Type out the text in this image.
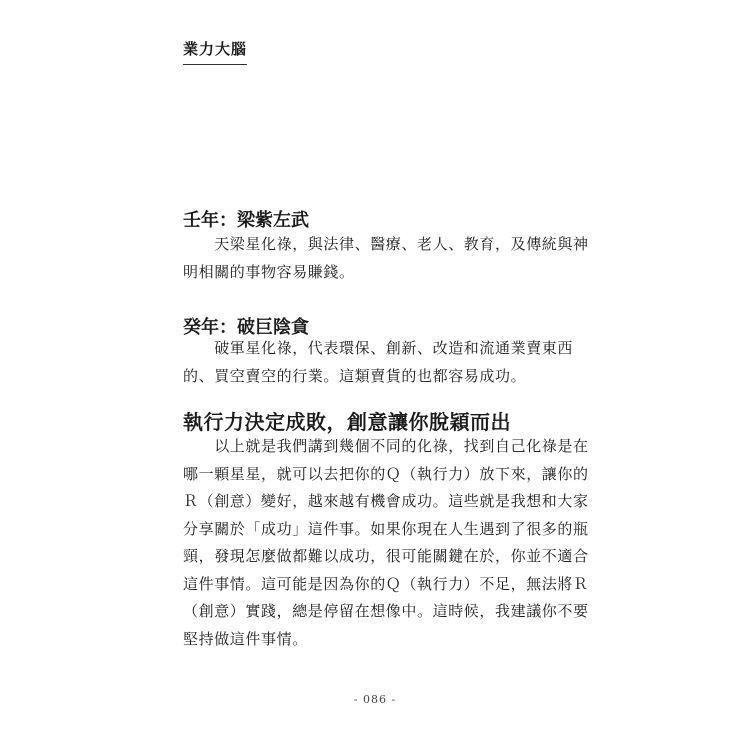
業力大腦
壬年：梁紫左武

　　天梁星化祿，與法律、醫療、老人、教育，及傳統與神
明相關的事物容易賺錢。

癸年：破巨陰貪

　　破軍星化祿，代表環保、創新、改造和流通業賣東西
的、買空賣空的行業。這類賣貨的也都容易成功。

執行力決定成敗，創意讓你脫穎而出

　　以上就是我們講到幾個不同的化祿，找到自己化祿是在
哪一顆星星，就可以去把你的Ｑ（執行力）放下來，讓你的
Ｒ（創意）變好，越來越有機會成功。這些就是我想和大家
分享關於「成功」這件事。如果你現在人生遇到了很多的瓶
頸，發現怎麼做都難以成功，很可能關鍵在於，你並不適合
這件事情。這可能是因為你的Ｑ（執行力）不足，無法將Ｒ
（創意）實踐，總是停留在想像中。這時候，我建議你不要
堅持做這件事情。

- 086 -
